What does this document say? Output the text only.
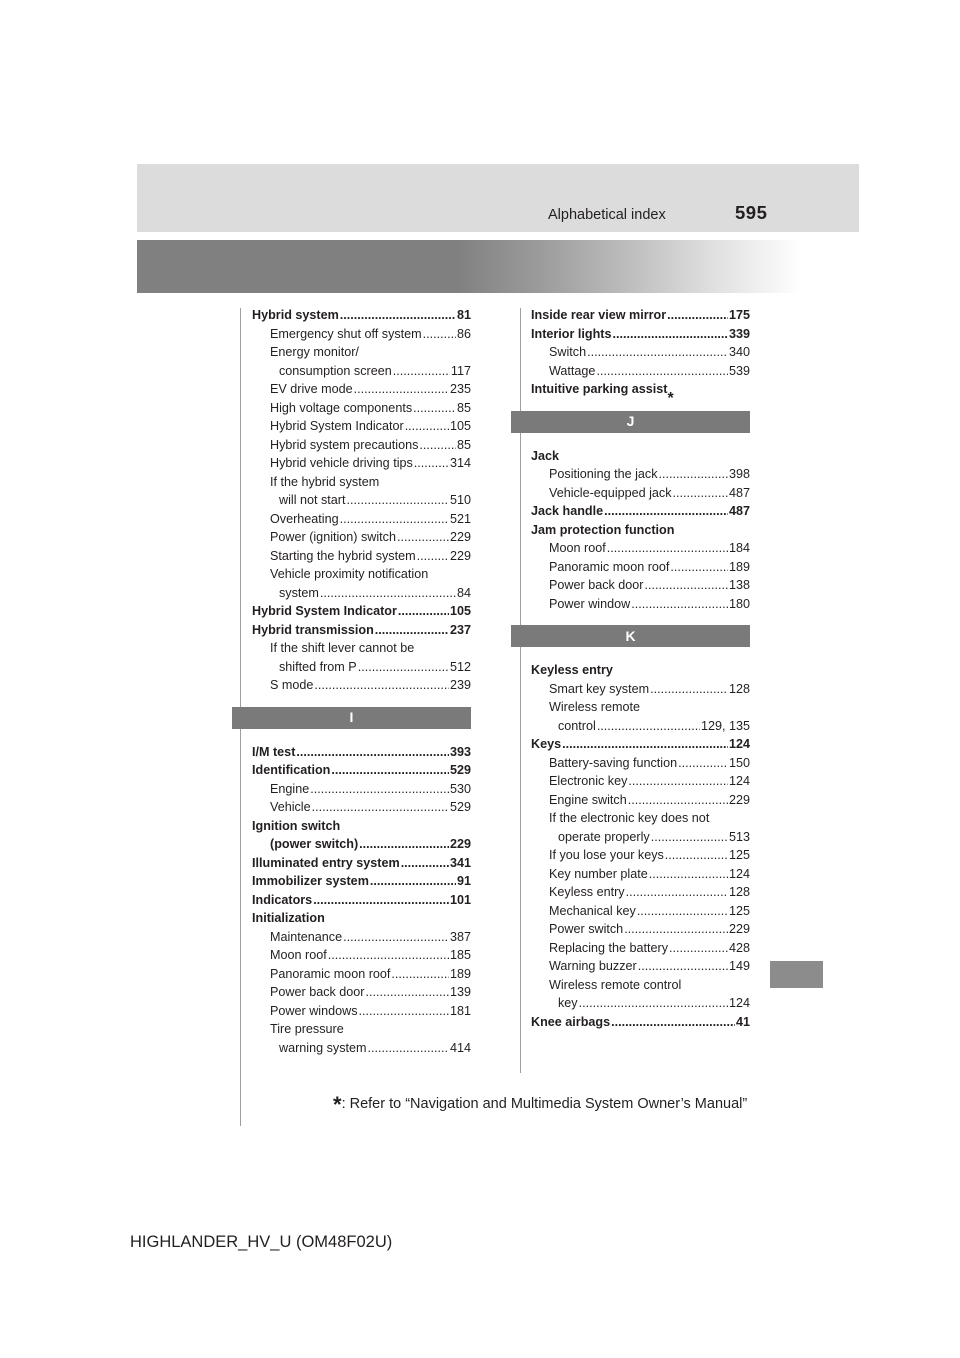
Alphabetical index	595
Hybrid system .....	81
Emergency shut off system .....	86
Energy monitor/
consumption screen .....	117
EV drive mode .....	235
High voltage components .....	85
Hybrid System Indicator .....	105
Hybrid system precautions .....	85
Hybrid vehicle driving tips .....	314
If the hybrid system
will not start .....	510
Overheating .....	521
Power (ignition) switch .....	229
Starting the hybrid system .....	229
Vehicle proximity notification
system .....	84
Hybrid System Indicator .....	105
Hybrid transmission .....	237
If the shift lever cannot be
shifted from P .....	512
S mode .....	239
I
I/M test .....	393
Identification .....	529
Engine .....	530
Vehicle .....	529
Ignition switch
(power switch) .....	229
Illuminated entry system .....	341
Immobilizer system .....	91
Indicators .....	101
Initialization
Maintenance .....	387
Moon roof .....	185
Panoramic moon roof .....	189
Power back door .....	139
Power windows .....	181
Tire pressure
warning system .....	414
Inside rear view mirror .....	175
Interior lights .....	339
Switch .....	340
Wattage .....	539
Intuitive parking assist
*
J
Jack
Positioning the jack .....	398
Vehicle-equipped jack .....	487
Jack handle .....	487
Jam protection function
Moon roof .....	184
Panoramic moon roof .....	189
Power back door .....	138
Power window .....	180
K
Keyless entry
Smart key system .....	128
Wireless remote
control .....	129, 135
Keys .....	124
Battery-saving function .....	150
Electronic key .....	124
Engine switch .....	229
If the electronic key does not
operate properly .....	513
If you lose your keys .....	125
Key number plate .....	124
Keyless entry .....	128
Mechanical key .....	125
Power switch .....	229
Replacing the battery .....	428
Warning buzzer .....	149
Wireless remote control
key .....	124
Knee airbags .....	41
*: Refer to “Navigation and Multimedia System Owner’s Manual”
HIGHLANDER_HV_U (OM48F02U)
